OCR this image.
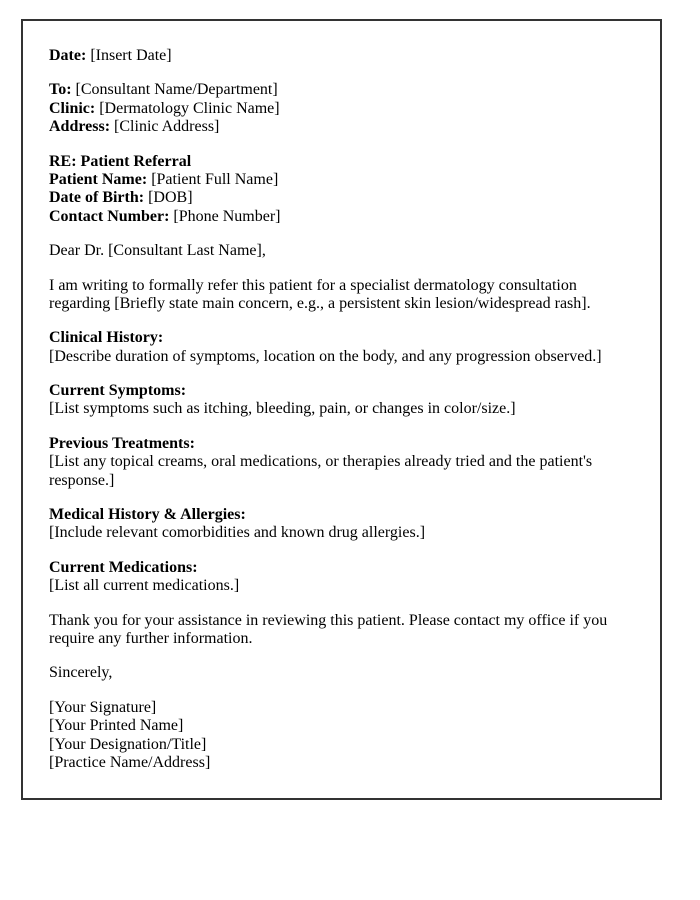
Date: [Insert Date]

To: [Consultant Name/Department]
Clinic: [Dermatology Clinic Name]
Address: [Clinic Address]

RE: Patient Referral
Patient Name: [Patient Full Name]
Date of Birth: [DOB]
Contact Number: [Phone Number]

Dear Dr. [Consultant Last Name],

I am writing to formally refer this patient for a specialist dermatology consultation regarding [Briefly state main concern, e.g., a persistent skin lesion/widespread rash].

Clinical History:
[Describe duration of symptoms, location on the body, and any progression observed.]

Current Symptoms:
[List symptoms such as itching, bleeding, pain, or changes in color/size.]

Previous Treatments:
[List any topical creams, oral medications, or therapies already tried and the patient's response.]

Medical History & Allergies:
[Include relevant comorbidities and known drug allergies.]

Current Medications:
[List all current medications.]

Thank you for your assistance in reviewing this patient. Please contact my office if you require any further information.

Sincerely,

[Your Signature]
[Your Printed Name]
[Your Designation/Title]
[Practice Name/Address]
